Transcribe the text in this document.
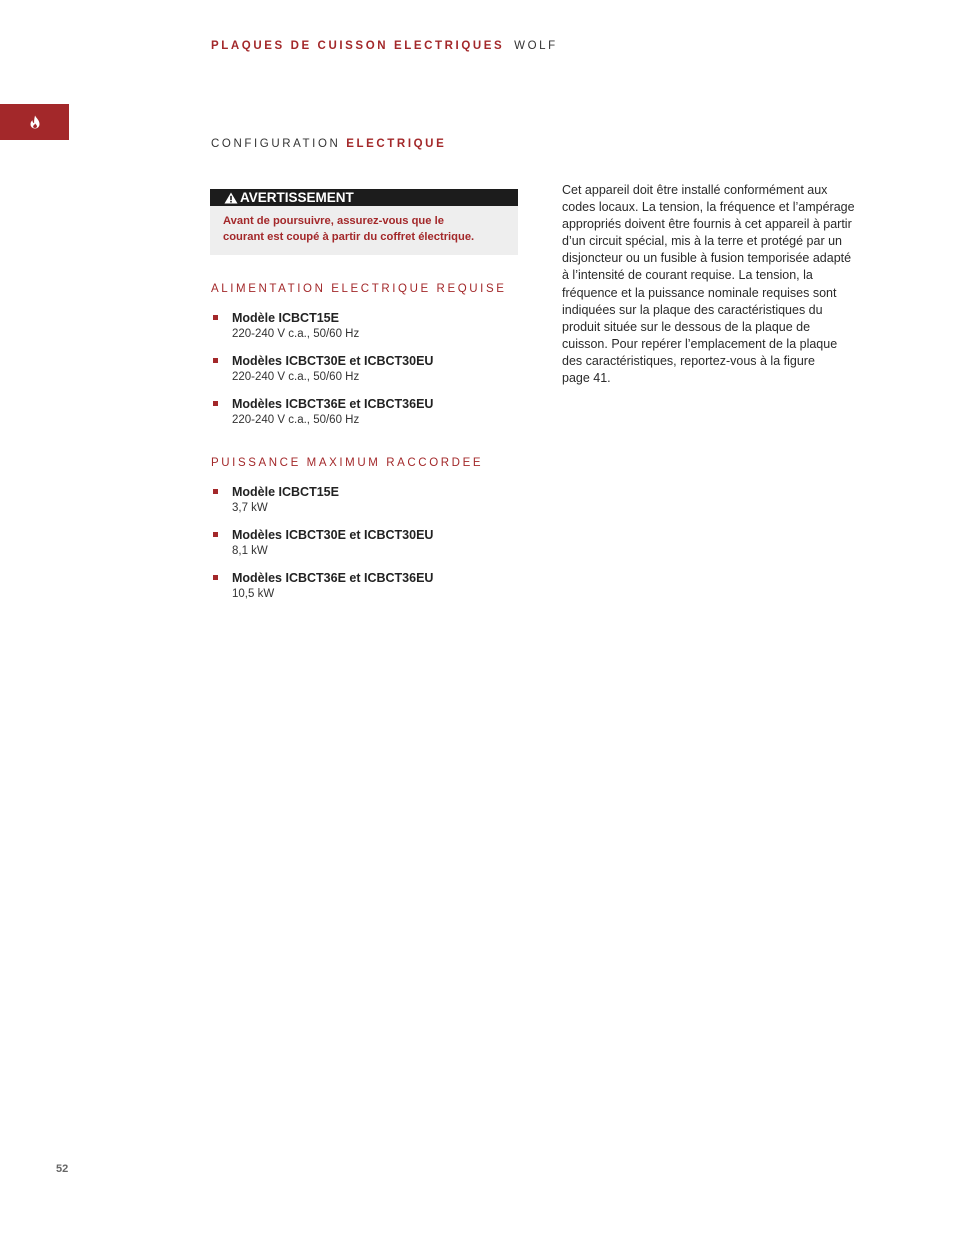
PLAQUES DE CUISSON ELECTRIQUES WOLF
CONFIGURATION ELECTRIQUE
AVERTISSEMENT
Avant de poursuivre, assurez-vous que le
courant est coupé à partir du coffret électrique.
ALIMENTATION ELECTRIQUE REQUISE
Modèle ICBCT15E
220-240 V c.a., 50/60 Hz
Modèles ICBCT30E et ICBCT30EU
220-240 V c.a., 50/60 Hz
Modèles ICBCT36E et ICBCT36EU
220-240 V c.a., 50/60 Hz
PUISSANCE MAXIMUM RACCORDEE
Modèle ICBCT15E
3,7 kW
Modèles ICBCT30E et ICBCT30EU
8,1 kW
Modèles ICBCT36E et ICBCT36EU
10,5 kW
Cet appareil doit être installé conformément aux
codes locaux. La tension, la fréquence et l’ampérage
appropriés doivent être fournis à cet appareil à partir
d’un circuit spécial, mis à la terre et protégé par un
disjoncteur ou un fusible à fusion temporisée adapté
à l’intensité de courant requise. La tension, la
fréquence et la puissance nominale requises sont
indiquées sur la plaque des caractéristiques du
produit située sur le dessous de la plaque de
cuisson. Pour repérer l’emplacement de la plaque
des caractéristiques, reportez-vous à la figure
page 41.
52
